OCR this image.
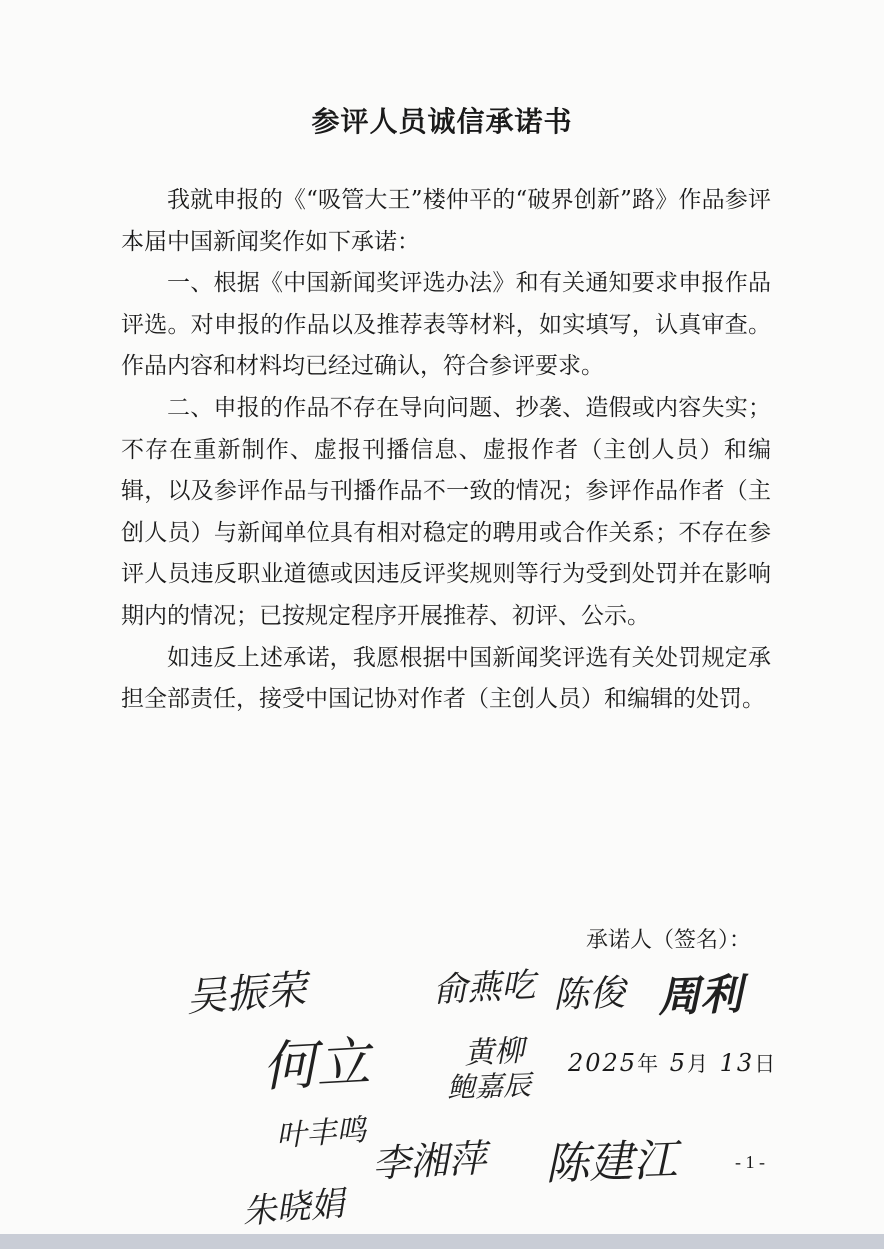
参评人员诚信承诺书

我就申报的《“吸管大王”楼仲平的“破界创新”路》作品参评本届中国新闻奖作如下承诺：

一、根据《中国新闻奖评选办法》和有关通知要求申报作品评选。对申报的作品以及推荐表等材料，如实填写，认真审查。作品内容和材料均已经过确认，符合参评要求。

二、申报的作品不存在导向问题、抄袭、造假或内容失实；不存在重新制作、虚报刊播信息、虚报作者（主创人员）和编辑，以及参评作品与刊播作品不一致的情况；参评作品作者（主创人员）与新闻单位具有相对稳定的聘用或合作关系；不存在参评人员违反职业道德或因违反评奖规则等行为受到处罚并在影响期内的情况；已按规定程序开展推荐、初评、公示。

如违反上述承诺，我愿根据中国新闻奖评选有关处罚规定承担全部责任，接受中国记协对作者（主创人员）和编辑的处罚。

承诺人（签名）：
吴振荣	俞燕吃 陈俊 周利
何立	黄柳
鲍嘉辰
叶丰鸣
李湘萍 陈建江
朱晓娟
2025年 5月 13日
- 1 -
